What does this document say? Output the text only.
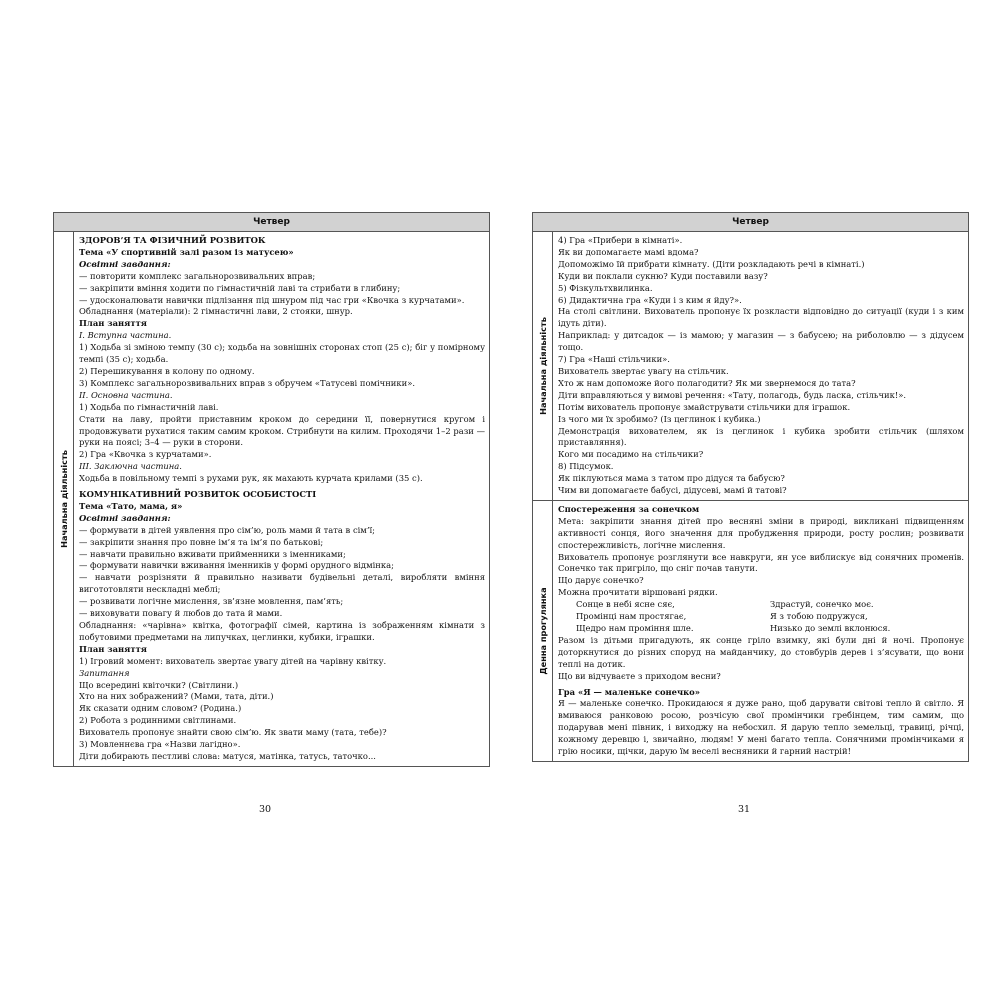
Четвер
Начальна діяльність

ЗДОРОВ’Я ТА ФІЗИЧНИЙ РОЗВИТОК

Тема «У спортивній залі разом із матусею»

Освітні завдання:

— повторити комплекс загальнорозвивальних вправ;

— закріпити вміння ходити по гімнастичній лаві та стрибати в глибину;

— удосконалювати навички підлізання під шнуром під час гри «Квочка з курчатами».

Обладнання (матеріали): 2 гімнастичні лави, 2 стояки, шнур.

План заняття

І. Вступна частина.

1) Ходьба зі зміною темпу (30 с); ходьба на зовнішніх сторонах стоп (25 с); біг у помірному темпі (35 с); ходьба.

2) Перешикування в колону по одному.

3) Комплекс загальнорозвивальних вправ з обручем «Татусеві помічники».

ІІ. Основна частина.

1) Ходьба по гімнастичній лаві.

Стати на лаву, пройти приставним кроком до середини її, повернутися кругом і продовжувати рухатися таким самим кроком. Стрибнути на килим. Проходячи 1–2 рази — руки на поясі; 3–4 — руки в сторони.

2) Гра «Квочка з курчатами».

ІІІ. Заключна частина.

Ходьба в повільному темпі з рухами рук, як махають курчата крилами (35 с).

КОМУНІКАТИВНИЙ РОЗВИТОК ОСОБИСТОСТІ

Тема «Тато, мама, я»

Освітні завдання:

— формувати в дітей уявлення про сім’ю, роль мами й тата в сім’ї;

— закріпити знання про повне ім’я та ім’я по батькові;

— навчати правильно вживати прийменники з іменниками;

— формувати навички вживання іменників у формі орудного відмінка;

— навчати розрізняти й правильно називати будівельні деталі, виробляти вміння вигототовляти нескладні меблі;

— розвивати логічне мислення, зв’язне мовлення, пам’ять;

— виховувати повагу й любов до тата й мами.

Обладнання: «чарівна» квітка, фотографії сімей, картина із зображенням кімнати з побутовими предметами на липучках, цеглинки, кубики, іграшки.

План заняття

1) Ігровий момент: вихователь звертає увагу дітей на чарівну квітку.

Запитання

Що всередині квіточки? (Світлини.)

Хто на них зображений? (Мами, тата, діти.)

Як сказати одним словом? (Родина.)

2) Робота з родинними світлинами.

Вихователь пропонує знайти свою сім’ю. Як звати маму (тата, тебе)?

3) Мовленнєва гра «Назви лагідно».

Діти добирають пестливі слова: матуся, матінка, татусь, таточко...

30
Четвер
Начальна діяльність

4) Гра «Прибери в кімнаті».

Як ви допомагаєте мамі вдома?

Допоможімо їй прибрати кімнату. (Діти розкладають речі в кімнаті.)

Куди ви поклали сукню? Куди поставили вазу?

5) Фізкультхвилинка.

6) Дидактична гра «Куди і з ким я йду?».

На столі світлини. Вихователь пропонує їх розкласти відповідно до ситуації (куди і з ким ідуть діти).

Наприклад: у дитсадок — із мамою; у магазин — з бабусею; на риболовлю — з дідусем тощо.

7) Гра «Наші стільчики».

Вихователь звертає увагу на стільчик.

Хто ж нам допоможе його полагодити? Як ми звернемося до тата?

Діти вправляються у вимові речення: «Тату, полагодь, будь ласка, стільчик!».

Потім вихователь пропонує змайструвати стільчики для іграшок.

Із чого ми їх зробимо? (Із цеглинок і кубика.)

Демонстрація вихователем, як із цеглинок і кубика зробити стільчик (шляхом приставляння).

Кого ми посадимо на стільчики?

8) Підсумок.

Як піклуються мама з татом про дідуся та бабусю?

Чим ви допомагаєте бабусі, дідусеві, мамі й татові?

Денна прогулянка

Спостереження за сонечком

Мета: закріпити знання дітей про весняні зміни в природі, викликані підвищенням активності сонця, його значення для пробудження природи, росту рослин; розвивати спостережливість, логічне мислення.

Вихователь пропонує розглянути все навкруги, ян усе виблискує від сонячних променів. Сонечко так пригріло, що сніг почав танути.

Що дарує сонечко?

Можна прочитати віршовані рядки.

Сонце в небі ясне сяє,

Промінці нам простягає,

Щедро нам проміння шле.

Здрастуй, сонечко моє.

Я з тобою подружуся,

Низько до землі вклонюся.

Разом із дітьми пригадують, як сонце гріло взимку, які були дні й ночі. Пропонує доторкнутися до різних споруд на майданчику, до стовбурів дерев і з’ясувати, що вони теплі на дотик.

Що ви відчуваєте з приходом весни?

Гра «Я — маленьке сонечко»

Я — маленьке сонечко. Прокидаюся я дуже рано, щоб дарувати світові тепло й світло. Я вмиваюся ранковою росою, розчісую свої промінчики гребінцем, тим самим, що подарував мені півник, і виходжу на небосхил. Я дарую тепло земельці, травиці, річці, кожному деревцю і, звичайно, людям! У мені багато тепла. Сонячними промінчиками я грію носики, щічки, дарую їм веселі весняники й гарний настрій!

31
